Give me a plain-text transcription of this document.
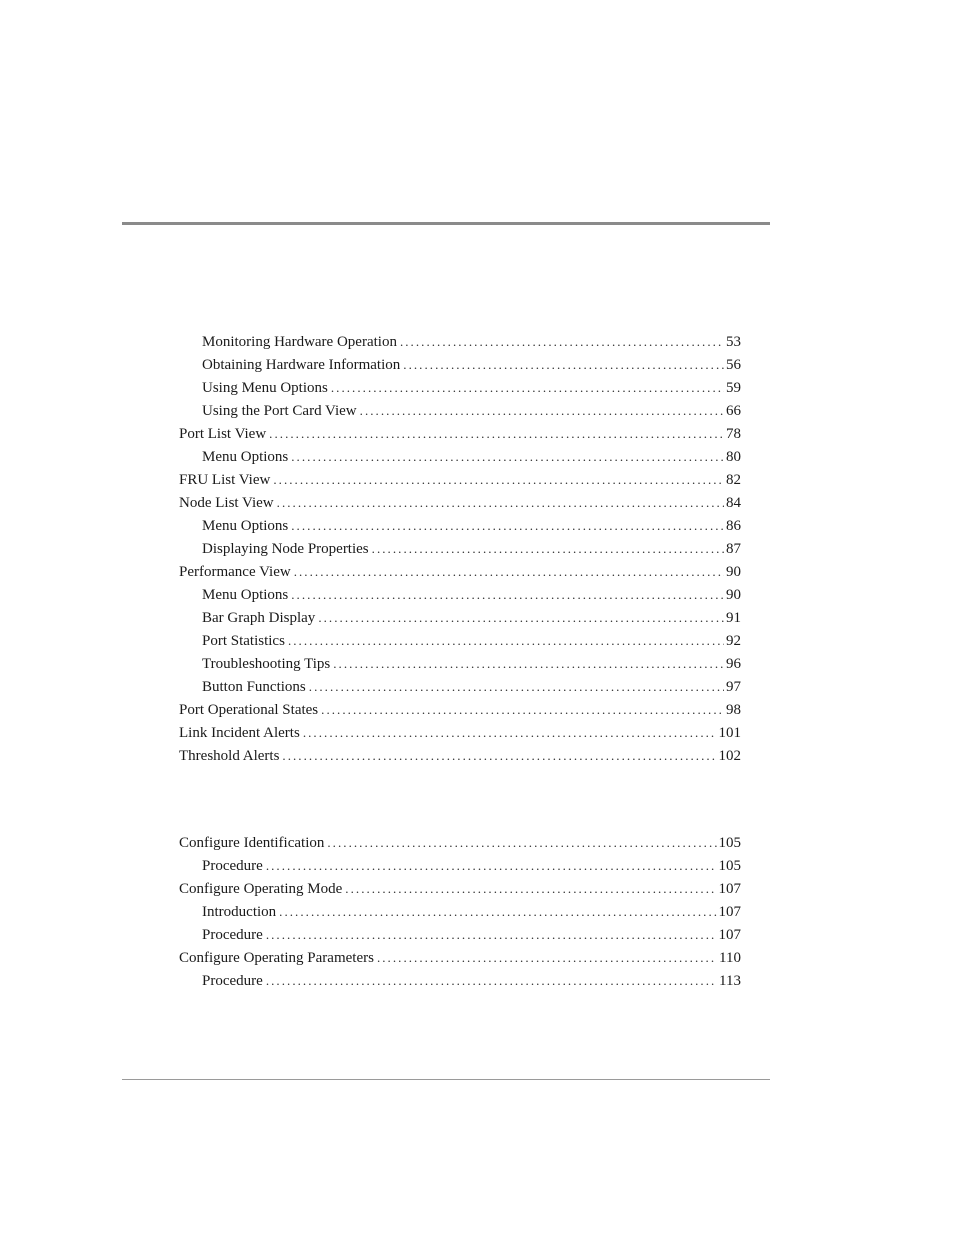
Monitoring Hardware Operation . . .	53
Obtaining Hardware Information . . .	56
Using Menu Options . . .	59
Using the Port Card View . . .	66
Port List View . . .	78
Menu Options . . .	80
FRU List View . . .	82
Node List View . . .	84
Menu Options . . .	86
Displaying Node Properties . . .	87
Performance View . . .	90
Menu Options . . .	90
Bar Graph Display . . .	91
Port Statistics . . .	92
Troubleshooting Tips . . .	96
Button Functions . . .	97
Port Operational States . . .	98
Link Incident Alerts . . .	101
Threshold Alerts . . .	102
Configure Identification . . .	105
Procedure . . .	105
Configure Operating Mode . . .	107
Introduction . . .	107
Procedure . . .	107
Configure Operating Parameters . . .	110
Procedure . . .	113
